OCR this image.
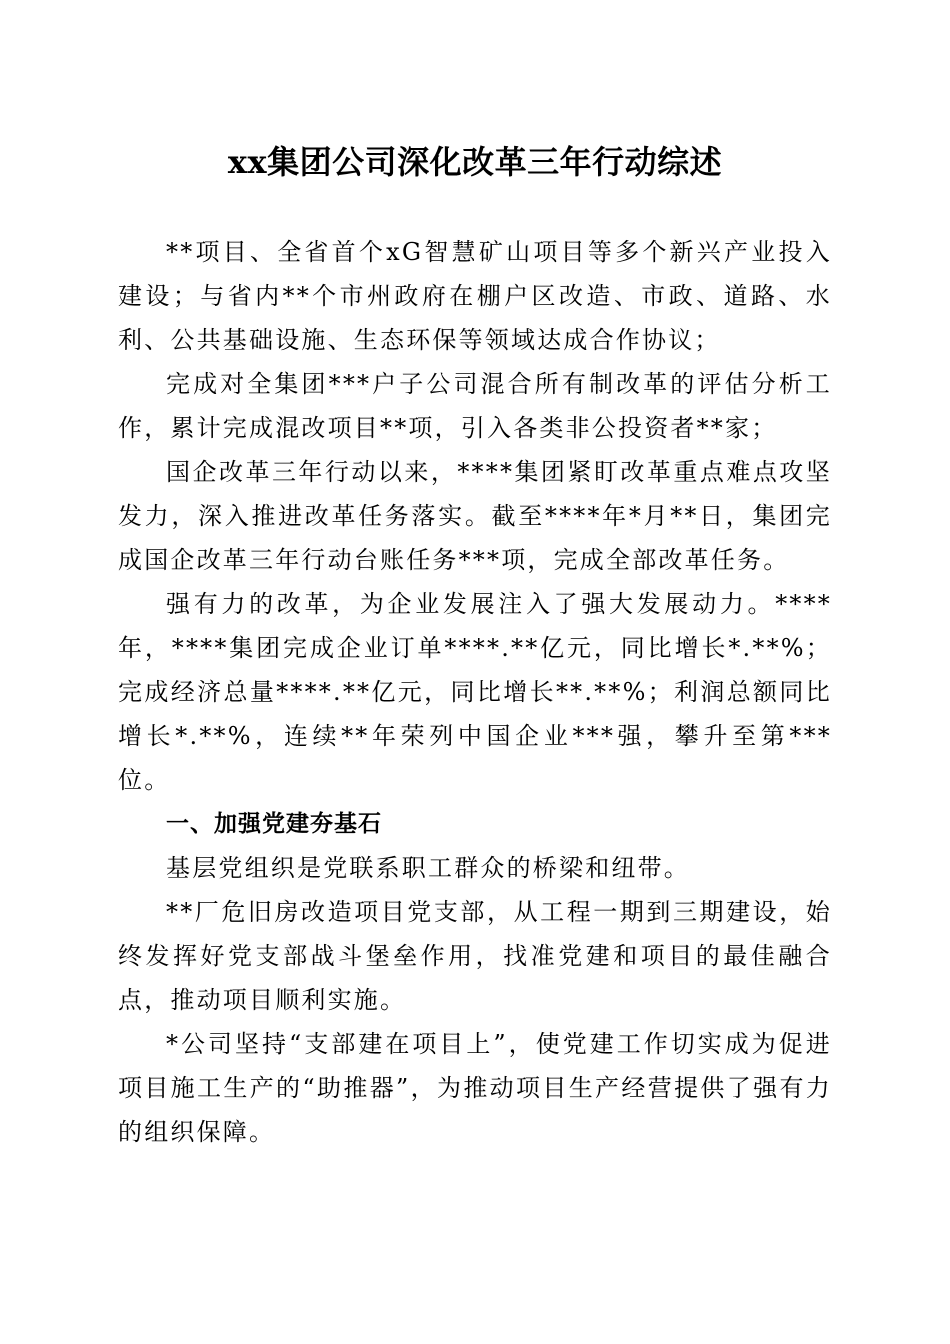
xx集团公司深化改革三年行动综述

**项目、全省首个xG智慧矿山项目等多个新兴产业投入建设；与省内**个市州政府在棚户区改造、市政、道路、水利、公共基础设施、生态环保等领域达成合作协议；

完成对全集团***户子公司混合所有制改革的评估分析工作，累计完成混改项目**项，引入各类非公投资者**家；

国企改革三年行动以来，****集团紧盯改革重点难点攻坚发力，深入推进改革任务落实。截至****年*月**日，集团完成国企改革三年行动台账任务***项，完成全部改革任务。

强有力的改革，为企业发展注入了强大发展动力。****年，****集团完成企业订单****.**亿元，同比增长*.**%；完成经济总量****.**亿元，同比增长**.**%；利润总额同比增长*.**%，连续**年荣列中国企业***强，攀升至第***位。

一、加强党建夯基石

基层党组织是党联系职工群众的桥梁和纽带。

**厂危旧房改造项目党支部，从工程一期到三期建设，始终发挥好党支部战斗堡垒作用，找准党建和项目的最佳融合点，推动项目顺利实施。

*公司坚持“支部建在项目上”，使党建工作切实成为促进项目施工生产的“助推器”，为推动项目生产经营提供了强有力的组织保障。
